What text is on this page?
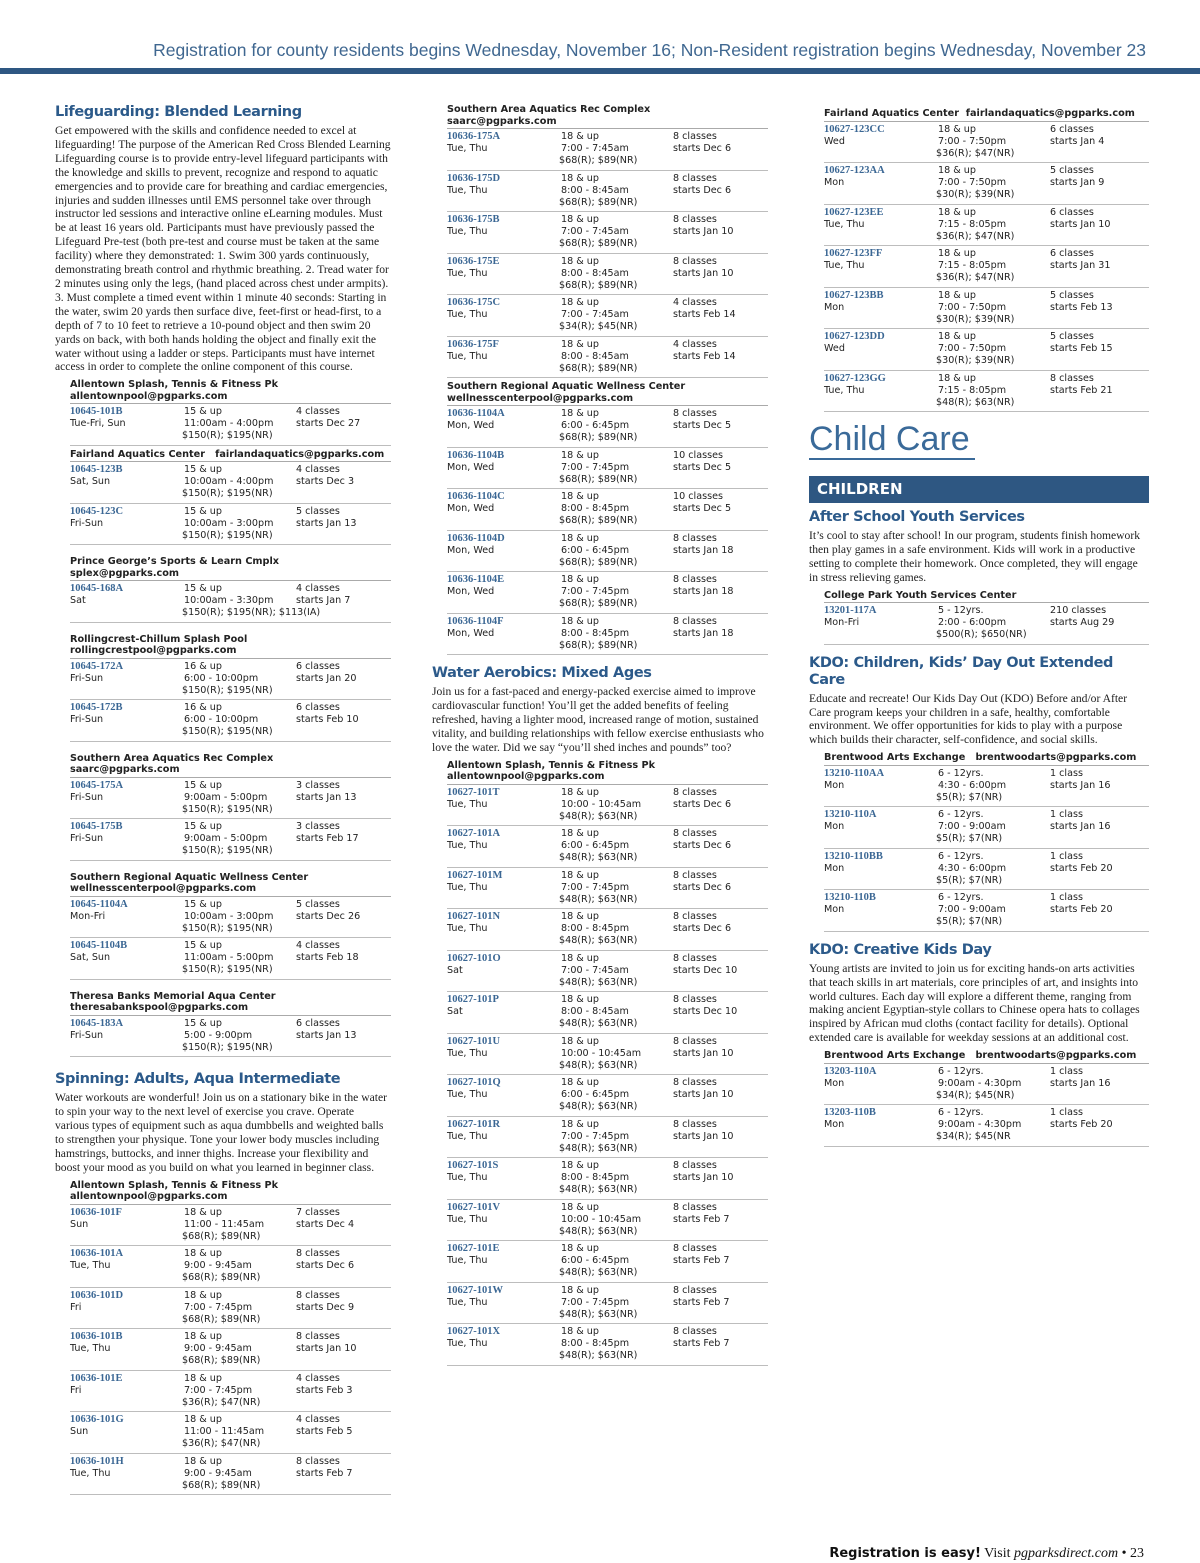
Registration for county residents begins Wednesday, November 16; Non-Resident registration begins Wednesday, November 23
Lifeguarding: Blended Learning
Get empowered with the skills and confidence needed to excel at lifeguarding! The purpose of the American Red Cross Blended Learning Lifeguarding course is to provide entry-level lifeguard participants with the knowledge and skills to prevent, recognize and respond to aquatic emergencies and to provide care for breathing and cardiac emergencies, injuries and sudden illnesses until EMS personnel take over through instructor led sessions and interactive online eLearning modules. Must be at least 16 years old. Participants must have previously passed the Lifeguard Pre-test (both pre-test and course must be taken at the same facility) where they demonstrated: 1. Swim 300 yards continuously, demonstrating breath control and rhythmic breathing. 2. Tread water for 2 minutes using only the legs, (hand placed across chest under armpits). 3. Must complete a timed event within 1 minute 40 seconds: Starting in the water, swim 20 yards then surface dive, feet-first or head-first, to a depth of 7 to 10 feet to retrieve a 10-pound object and then swim 20 yards on back, with both hands holding the object and finally exit the water without using a ladder or steps. Participants must have internet access in order to complete the online component of this course.
Allentown Splash, Tennis & Fitness Pk
allentownpool@pgparks.com
10645-101B
Tue-Fri, Sun
15 & up
11:00am - 4:00pm
$150(R); $195(NR)
4 classes
starts Dec 27
Fairland Aquatics Center fairlandaquatics@pgparks.com
10645-123B
Sat, Sun
15 & up
10:00am - 4:00pm
$150(R); $195(NR)
4 classes
starts Dec 3
10645-123C
Fri-Sun
15 & up
10:00am - 3:00pm
$150(R); $195(NR)
5 classes
starts Jan 13
Prince George’s Sports & Learn Cmplx
splex@pgparks.com
10645-168A
Sat
15 & up
10:00am - 3:30pm
$150(R); $195(NR); $113(IA)
4 classes
starts Jan 7
Rollingcrest-Chillum Splash Pool
rollingcrestpool@pgparks.com
10645-172A
Fri-Sun
16 & up
6:00 - 10:00pm
$150(R); $195(NR)
6 classes
starts Jan 20
10645-172B
Fri-Sun
16 & up
6:00 - 10:00pm
$150(R); $195(NR)
6 classes
starts Feb 10
Southern Area Aquatics Rec Complex
saarc@pgparks.com
10645-175A
Fri-Sun
15 & up
9:00am - 5:00pm
$150(R); $195(NR)
3 classes
starts Jan 13
10645-175B
Fri-Sun
15 & up
9:00am - 5:00pm
$150(R); $195(NR)
3 classes
starts Feb 17
Southern Regional Aquatic Wellness Center
wellnesscenterpool@pgparks.com
10645-1104A
Mon-Fri
15 & up
10:00am - 3:00pm
$150(R); $195(NR)
5 classes
starts Dec 26
10645-1104B
Sat, Sun
15 & up
11:00am - 5:00pm
$150(R); $195(NR)
4 classes
starts Feb 18
Theresa Banks Memorial Aqua Center
theresabankspool@pgparks.com
10645-183A
Fri-Sun
15 & up
5:00 - 9:00pm
$150(R); $195(NR)
6 classes
starts Jan 13
Spinning: Adults, Aqua Intermediate
Water workouts are wonderful! Join us on a stationary bike in the water to spin your way to the next level of exercise you crave. Operate various types of equipment such as aqua dumbbells and weighted balls to strengthen your physique. Tone your lower body muscles including hamstrings, buttocks, and inner thighs. Increase your flexibility and boost your mood as you build on what you learned in beginner class.
Allentown Splash, Tennis & Fitness Pk
allentownpool@pgparks.com
10636-101F
Sun
18 & up
11:00 - 11:45am
$68(R); $89(NR)
7 classes
starts Dec 4
10636-101A
Tue, Thu
18 & up
9:00 - 9:45am
$68(R); $89(NR)
8 classes
starts Dec 6
10636-101D
Fri
18 & up
7:00 - 7:45pm
$68(R); $89(NR)
8 classes
starts Dec 9
10636-101B
Tue, Thu
18 & up
9:00 - 9:45am
$68(R); $89(NR)
8 classes
starts Jan 10
10636-101E
Fri
18 & up
7:00 - 7:45pm
$36(R); $47(NR)
4 classes
starts Feb 3
10636-101G
Sun
18 & up
11:00 - 11:45am
$36(R); $47(NR)
4 classes
starts Feb 5
10636-101H
Tue, Thu
18 & up
9:00 - 9:45am
$68(R); $89(NR)
8 classes
starts Feb 7
Southern Area Aquatics Rec Complex
saarc@pgparks.com
10636-175A
Tue, Thu
18 & up
7:00 - 7:45am
$68(R); $89(NR)
8 classes
starts Dec 6
10636-175D
Tue, Thu
18 & up
8:00 - 8:45am
$68(R); $89(NR)
8 classes
starts Dec 6
10636-175B
Tue, Thu
18 & up
7:00 - 7:45am
$68(R); $89(NR)
8 classes
starts Jan 10
10636-175E
Tue, Thu
18 & up
8:00 - 8:45am
$68(R); $89(NR)
8 classes
starts Jan 10
10636-175C
Tue, Thu
18 & up
7:00 - 7:45am
$34(R); $45(NR)
4 classes
starts Feb 14
10636-175F
Tue, Thu
18 & up
8:00 - 8:45am
$68(R); $89(NR)
4 classes
starts Feb 14
Southern Regional Aquatic Wellness Center
wellnesscenterpool@pgparks.com
10636-1104A
Mon, Wed
18 & up
6:00 - 6:45pm
$68(R); $89(NR)
8 classes
starts Dec 5
10636-1104B
Mon, Wed
18 & up
7:00 - 7:45pm
$68(R); $89(NR)
10 classes
starts Dec 5
10636-1104C
Mon, Wed
18 & up
8:00 - 8:45pm
$68(R); $89(NR)
10 classes
starts Dec 5
10636-1104D
Mon, Wed
18 & up
6:00 - 6:45pm
$68(R); $89(NR)
8 classes
starts Jan 18
10636-1104E
Mon, Wed
18 & up
7:00 - 7:45pm
$68(R); $89(NR)
8 classes
starts Jan 18
10636-1104F
Mon, Wed
18 & up
8:00 - 8:45pm
$68(R); $89(NR)
8 classes
starts Jan 18
Water Aerobics: Mixed Ages
Join us for a fast-paced and energy-packed exercise aimed to improve cardiovascular function! You’ll get the added benefits of feeling refreshed, having a lighter mood, increased range of motion, sustained vitality, and building relationships with fellow exercise enthusiasts who love the water. Did we say “you’ll shed inches and pounds” too?
Allentown Splash, Tennis & Fitness Pk
allentownpool@pgparks.com
10627-101T
Tue, Thu
18 & up
10:00 - 10:45am
$48(R); $63(NR)
8 classes
starts Dec 6
10627-101A
Tue, Thu
18 & up
6:00 - 6:45pm
$48(R); $63(NR)
8 classes
starts Dec 6
10627-101M
Tue, Thu
18 & up
7:00 - 7:45pm
$48(R); $63(NR)
8 classes
starts Dec 6
10627-101N
Tue, Thu
18 & up
8:00 - 8:45pm
$48(R); $63(NR)
8 classes
starts Dec 6
10627-101O
Sat
18 & up
7:00 - 7:45am
$48(R); $63(NR)
8 classes
starts Dec 10
10627-101P
Sat
18 & up
8:00 - 8:45am
$48(R); $63(NR)
8 classes
starts Dec 10
10627-101U
Tue, Thu
18 & up
10:00 - 10:45am
$48(R); $63(NR)
8 classes
starts Jan 10
10627-101Q
Tue, Thu
18 & up
6:00 - 6:45pm
$48(R); $63(NR)
8 classes
starts Jan 10
10627-101R
Tue, Thu
18 & up
7:00 - 7:45pm
$48(R); $63(NR)
8 classes
starts Jan 10
10627-101S
Tue, Thu
18 & up
8:00 - 8:45pm
$48(R); $63(NR)
8 classes
starts Jan 10
10627-101V
Tue, Thu
18 & up
10:00 - 10:45am
$48(R); $63(NR)
8 classes
starts Feb 7
10627-101E
Tue, Thu
18 & up
6:00 - 6:45pm
$48(R); $63(NR)
8 classes
starts Feb 7
10627-101W
Tue, Thu
18 & up
7:00 - 7:45pm
$48(R); $63(NR)
8 classes
starts Feb 7
10627-101X
Tue, Thu
18 & up
8:00 - 8:45pm
$48(R); $63(NR)
8 classes
starts Feb 7
Fairland Aquatics Center fairlandaquatics@pgparks.com
10627-123CC
Wed
18 & up
7:00 - 7:50pm
$36(R); $47(NR)
6 classes
starts Jan 4
10627-123AA
Mon
18 & up
7:00 - 7:50pm
$30(R); $39(NR)
5 classes
starts Jan 9
10627-123EE
Tue, Thu
18 & up
7:15 - 8:05pm
$36(R); $47(NR)
6 classes
starts Jan 10
10627-123FF
Tue, Thu
18 & up
7:15 - 8:05pm
$36(R); $47(NR)
6 classes
starts Jan 31
10627-123BB
Mon
18 & up
7:00 - 7:50pm
$30(R); $39(NR)
5 classes
starts Feb 13
10627-123DD
Wed
18 & up
7:00 - 7:50pm
$30(R); $39(NR)
5 classes
starts Feb 15
10627-123GG
Tue, Thu
18 & up
7:15 - 8:05pm
$48(R); $63(NR)
8 classes
starts Feb 21
Child Care
CHILDREN
After School Youth Services
It’s cool to stay after school! In our program, students finish homework then play games in a safe environment. Kids will work in a productive setting to complete their homework. Once completed, they will engage in stress relieving games.
College Park Youth Services Center
13201-117A
Mon-Fri
5 - 12yrs.
2:00 - 6:00pm
$500(R); $650(NR)
210 classes
starts Aug 29
KDO: Children, Kids’ Day Out Extended Care
Educate and recreate! Our Kids Day Out (KDO) Before and/or After Care program keeps your children in a safe, healthy, comfortable environment. We offer opportunities for kids to play with a purpose which builds their character, self-confidence, and social skills.
Brentwood Arts Exchange brentwoodarts@pgparks.com
13210-110AA
Mon
6 - 12yrs.
4:30 - 6:00pm
$5(R); $7(NR)
1 class
starts Jan 16
13210-110A
Mon
6 - 12yrs.
7:00 - 9:00am
$5(R); $7(NR)
1 class
starts Jan 16
13210-110BB
Mon
6 - 12yrs.
4:30 - 6:00pm
$5(R); $7(NR)
1 class
starts Feb 20
13210-110B
Mon
6 - 12yrs.
7:00 - 9:00am
$5(R); $7(NR)
1 class
starts Feb 20
KDO: Creative Kids Day
Young artists are invited to join us for exciting hands-on arts activities that teach skills in art materials, core principles of art, and insights into world cultures. Each day will explore a different theme, ranging from making ancient Egyptian-style collars to Chinese opera hats to collages inspired by African mud cloths (contact facility for details). Optional extended care is available for weekday sessions at an additional cost.
Brentwood Arts Exchange brentwoodarts@pgparks.com
13203-110A
Mon
6 - 12yrs.
9:00am - 4:30pm
$34(R); $45(NR)
1 class
starts Jan 16
13203-110B
Mon
6 - 12yrs.
9:00am - 4:30pm
$34(R); $45(NR
1 class
starts Feb 20
Registration is easy! Visit pgparksdirect.com • 23
